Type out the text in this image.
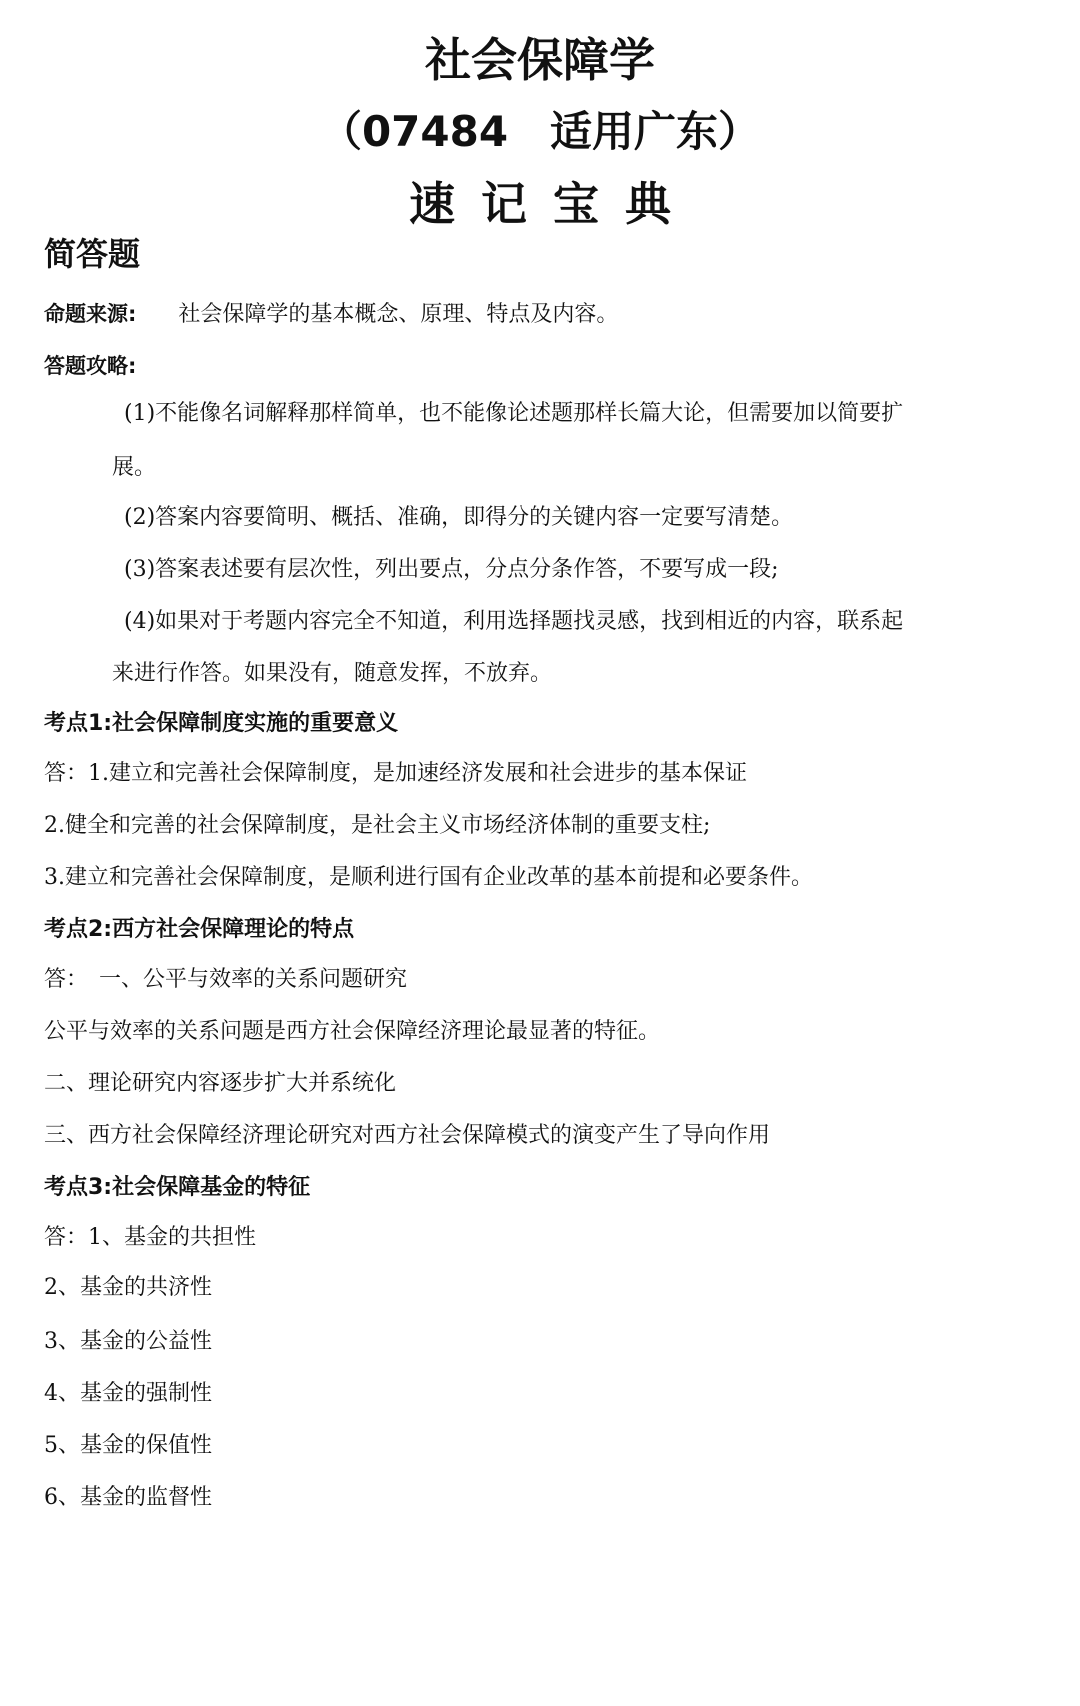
社会保障学
（07484　适用广东）
速记宝典
简答题
命题来源: 社会保障学的基本概念、原理、特点及内容。
答题攻略:
(1)不能像名词解释那样简单，也不能像论述题那样长篇大论，但需要加以简要扩
展。
(2)答案内容要简明、概括、准确，即得分的关键内容一定要写清楚。
(3)答案表述要有层次性，列出要点，分点分条作答，不要写成一段;
(4)如果对于考题内容完全不知道，利用选择题找灵感，找到相近的内容，联系起
来进行作答。如果没有，随意发挥，不放弃。
考点1:社会保障制度实施的重要意义
答：1.建立和完善社会保障制度，是加速经济发展和社会进步的基本保证
2.健全和完善的社会保障制度，是社会主义市场经济体制的重要支柱;
3.建立和完善社会保障制度，是顺利进行国有企业改革的基本前提和必要条件。
考点2:西方社会保障理论的特点
答：　一、公平与效率的关系问题研究
公平与效率的关系问题是西方社会保障经济理论最显著的特征。
二、理论研究内容逐步扩大并系统化
三、西方社会保障经济理论研究对西方社会保障模式的演变产生了导向作用
考点3:社会保障基金的特征
答：1、基金的共担性
2、基金的共济性
3、基金的公益性
4、基金的强制性
5、基金的保值性
6、基金的监督性
